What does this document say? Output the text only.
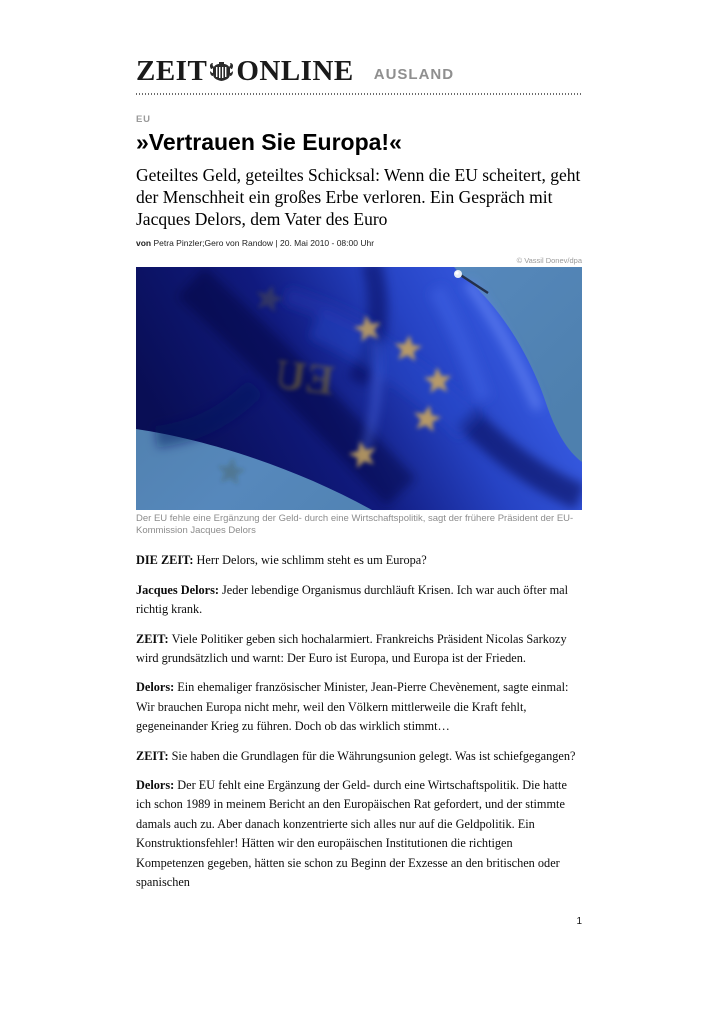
ZEIT ONLINE AUSLAND
EU
»Vertrauen Sie Europa!«
Geteiltes Geld, geteiltes Schicksal: Wenn die EU scheitert, geht der Menschheit ein großes Erbe verloren. Ein Gespräch mit Jacques Delors, dem Vater des Euro
von Petra Pinzler;Gero von Randow | 20. Mai 2010 - 08:00 Uhr
© Vassil Donev/dpa
EU
Der EU fehle eine Ergänzung der Geld- durch eine Wirtschaftspolitik, sagt der frühere Präsident der EU-Kommission Jacques Delors

DIE ZEIT: Herr Delors, wie schlimm steht es um Europa?

Jacques Delors: Jeder lebendige Organismus durchläuft Krisen. Ich war auch öfter mal richtig krank.

ZEIT: Viele Politiker geben sich hochalarmiert. Frankreichs Präsident Nicolas Sarkozy wird grundsätzlich und warnt: Der Euro ist Europa, und Europa ist der Frieden.

Delors: Ein ehemaliger französischer Minister, Jean-Pierre Chevènement, sagte einmal: Wir brauchen Europa nicht mehr, weil den Völkern mittlerweile die Kraft fehlt, gegeneinander Krieg zu führen. Doch ob das wirklich stimmt…

ZEIT: Sie haben die Grundlagen für die Währungsunion gelegt. Was ist schiefgegangen?

Delors: Der EU fehlt eine Ergänzung der Geld- durch eine Wirtschaftspolitik. Die hatte ich schon 1989 in meinem Bericht an den Europäischen Rat gefordert, und der stimmte damals auch zu. Aber danach konzentrierte sich alles nur auf die Geldpolitik. Ein Konstruktionsfehler! Hätten wir den europäischen Institutionen die richtigen Kompetenzen gegeben, hätten sie schon zu Beginn der Exzesse an den britischen oder spanischen

1
